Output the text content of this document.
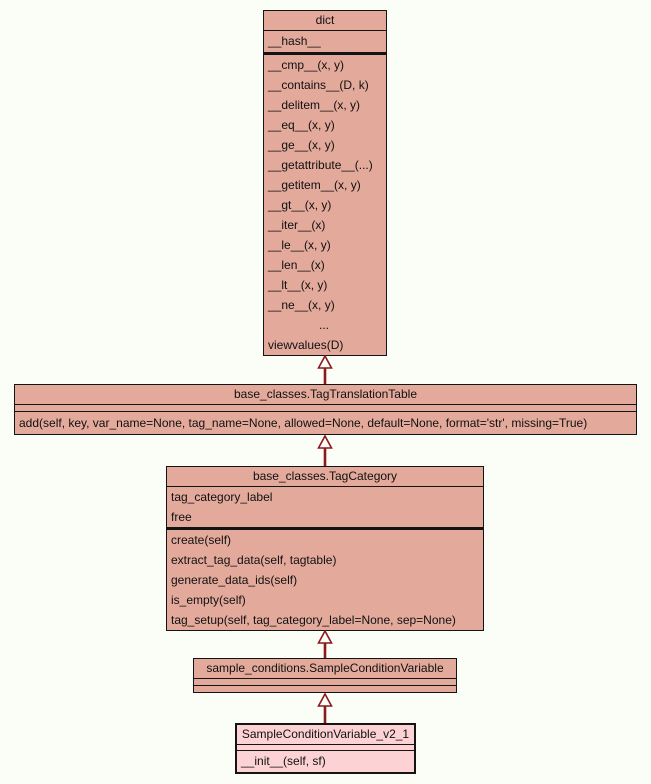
dict
__hash__
__cmp__(x, y)
__contains__(D, k)
__delitem__(x, y)
__eq__(x, y)
__ge__(x, y)
__getattribute__(...)
__getitem__(x, y)
__gt__(x, y)
__iter__(x)
__le__(x, y)
__len__(x)
__lt__(x, y)
__ne__(x, y)
...
viewvalues(D)
base_classes.TagTranslationTable
add(self, key, var_name=None, tag_name=None, allowed=None, default=None, format='str', missing=True)
base_classes.TagCategory
tag_category_label
free
create(self)
extract_tag_data(self, tagtable)
generate_data_ids(self)
is_empty(self)
tag_setup(self, tag_category_label=None, sep=None)
sample_conditions.SampleConditionVariable
SampleConditionVariable_v2_1
__init__(self, sf)
